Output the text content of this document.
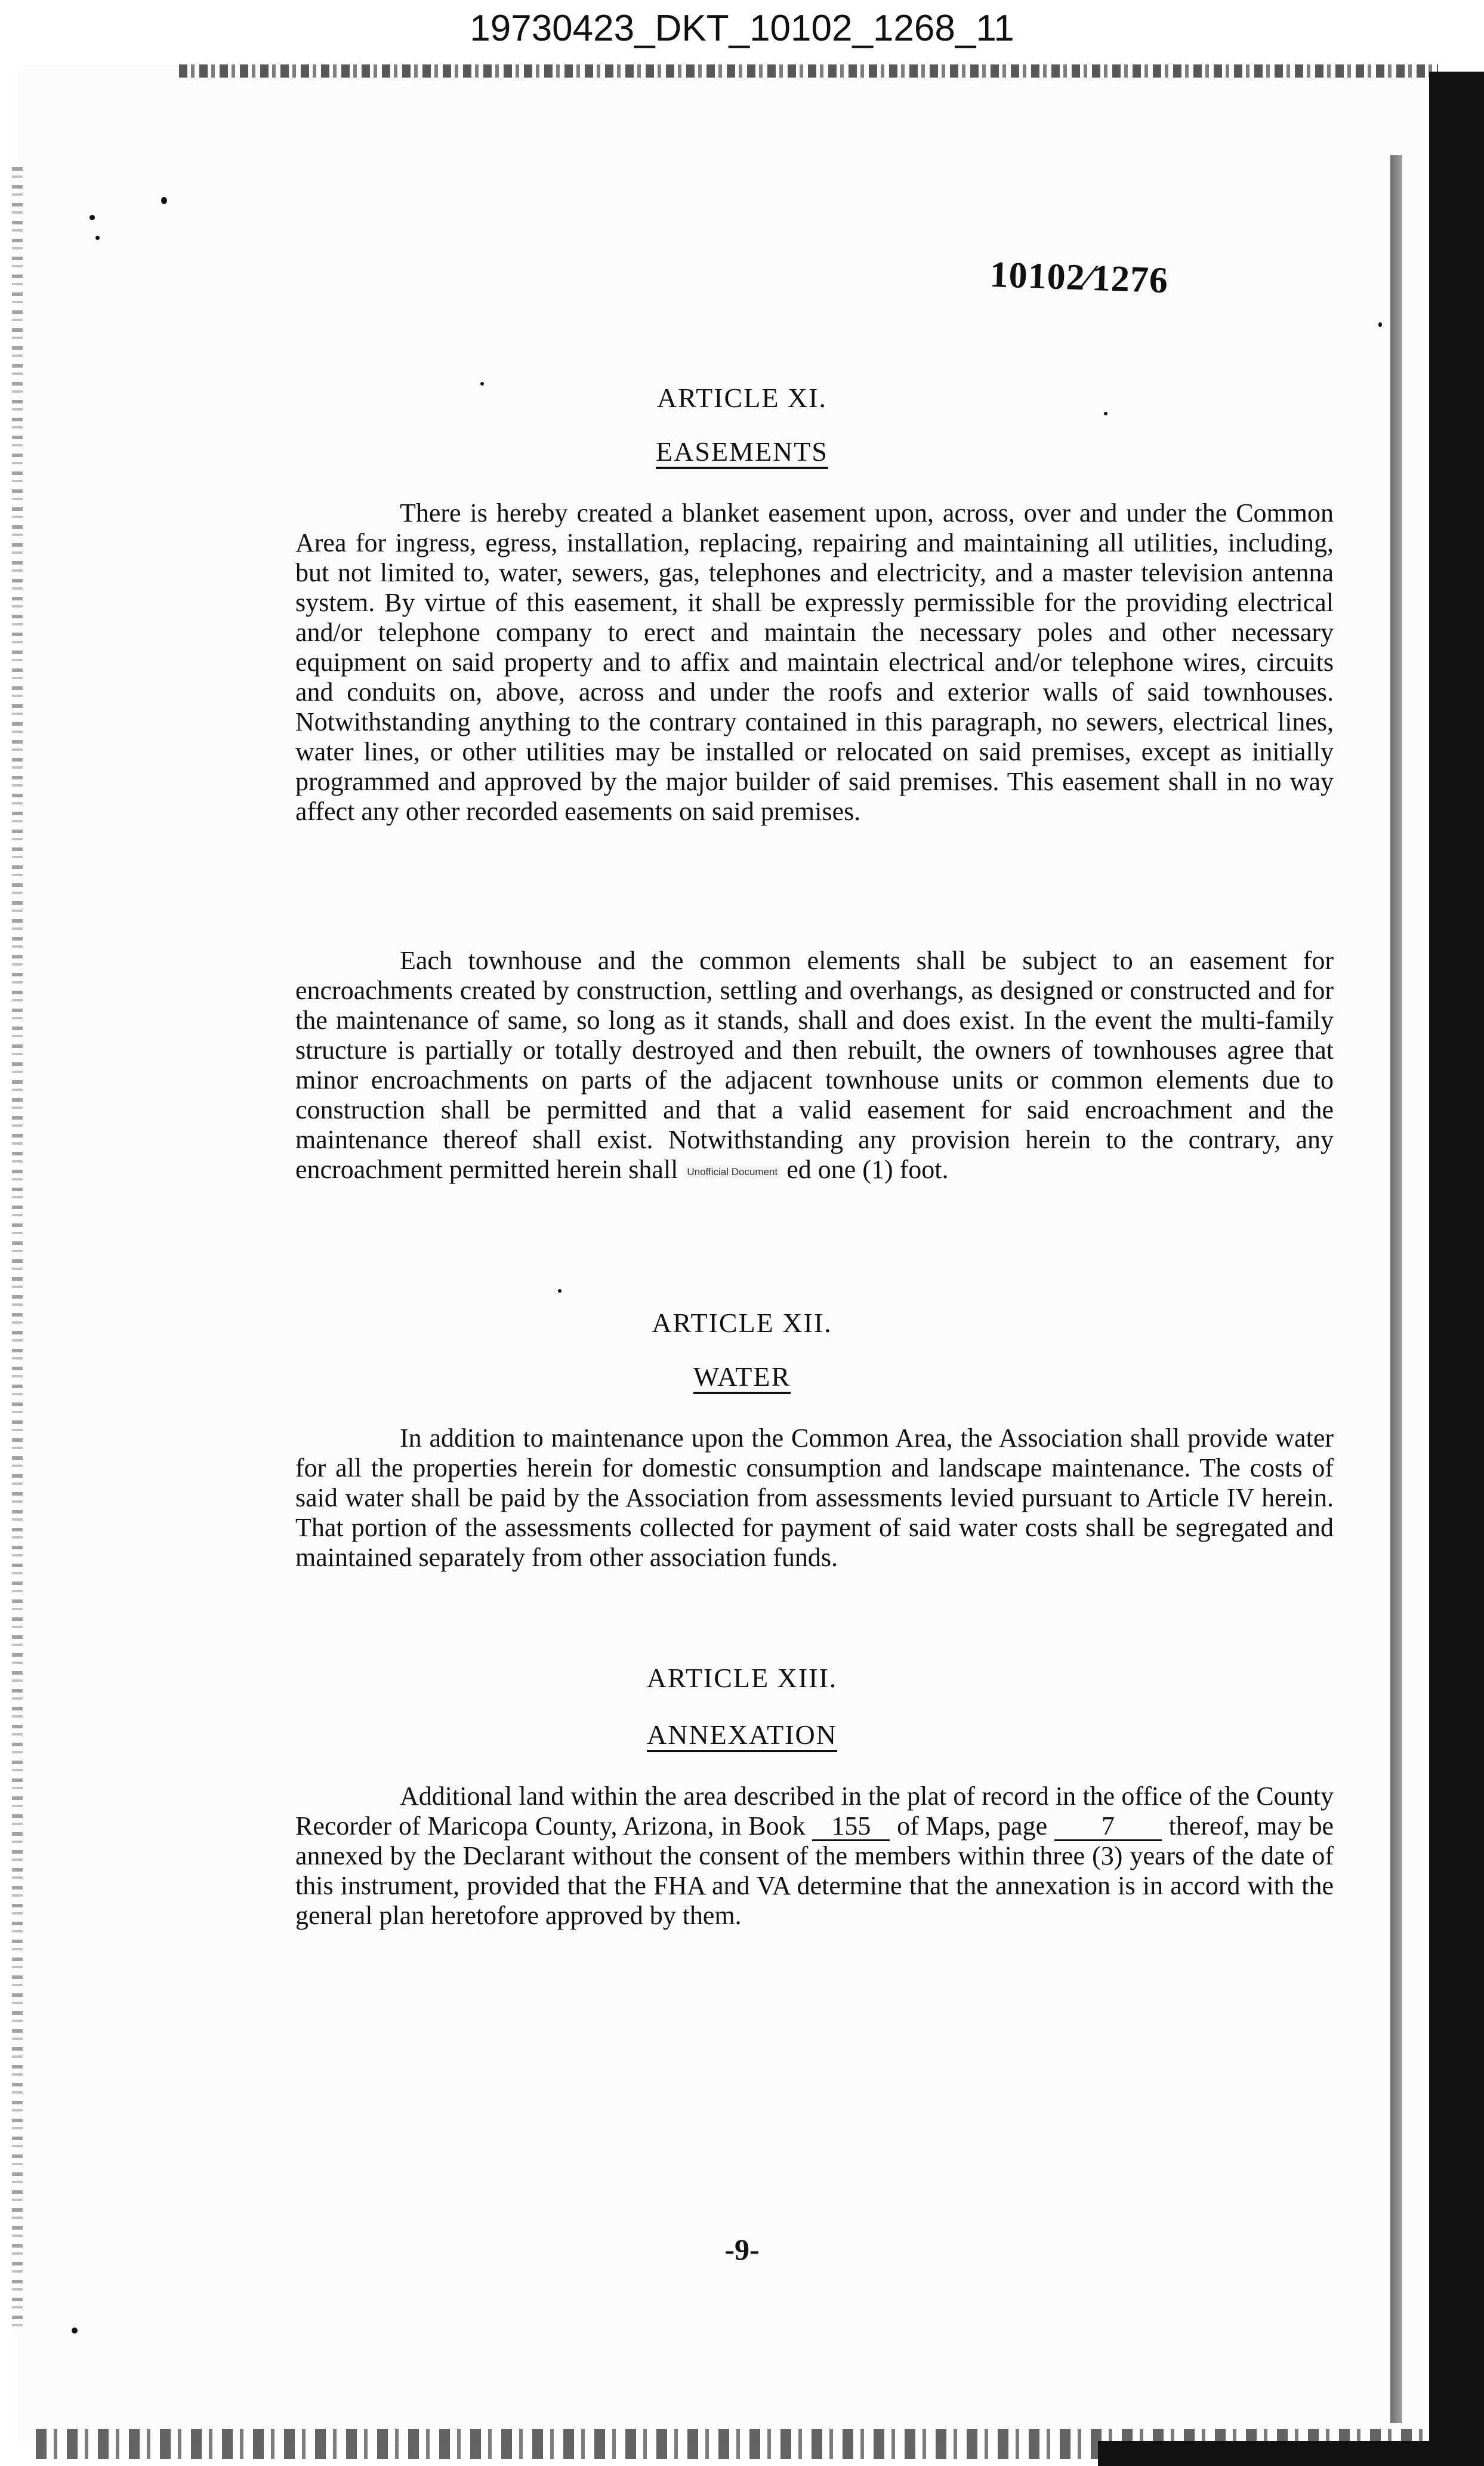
19730423_DKT_10102_1268_11
10102⁄1276
ARTICLE XI.
EASEMENTS

There is hereby created a blanket easement upon, across, over and under the Common Area for ingress, egress, installation, replacing, repairing and maintaining all utilities, including, but not limited to, water, sewers, gas, telephones and electricity, and a master television antenna system. By virtue of this easement, it shall be expressly permissible for the providing electrical and/or telephone company to erect and maintain the necessary poles and other necessary equipment on said property and to affix and maintain electrical and/or telephone wires, circuits and conduits on, above, across and under the roofs and exterior walls of said townhouses. Notwithstanding anything to the contrary contained in this paragraph, no sewers, electrical lines, water lines, or other utilities may be installed or relocated on said premises, except as initially programmed and approved by the major builder of said premises. This easement shall in no way affect any other recorded easements on said premises.

Each townhouse and the common elements shall be subject to an easement for encroachments created by construction, settling and overhangs, as designed or constructed and for the maintenance of same, so long as it stands, shall and does exist. In the event the multi-family structure is partially or totally destroyed and then rebuilt, the owners of townhouses agree that minor encroachments on parts of the adjacent townhouse units or common elements due to construction shall be permitted and that a valid easement for said encroachment and the maintenance thereof shall exist. Notwithstanding any provision herein to the contrary, any encroachment permitted herein shall Unofficial Document ed one (1) foot.

ARTICLE XII.
WATER

In addition to maintenance upon the Common Area, the Association shall provide water for all the properties herein for domestic consumption and landscape maintenance. The costs of said water shall be paid by the Association from assessments levied pursuant to Article IV herein. That portion of the assessments collected for payment of said water costs shall be segregated and maintained separately from other association funds.

ARTICLE XIII.
ANNEXATION

Additional land within the area described in the plat of record in the office of the County Recorder of Maricopa County, Arizona, in Book 155 of Maps, page 7 thereof, may be annexed by the Declarant without the consent of the members within three (3) years of the date of this instrument, provided that the FHA and VA determine that the annexation is in accord with the general plan heretofore approved by them.

-9-
